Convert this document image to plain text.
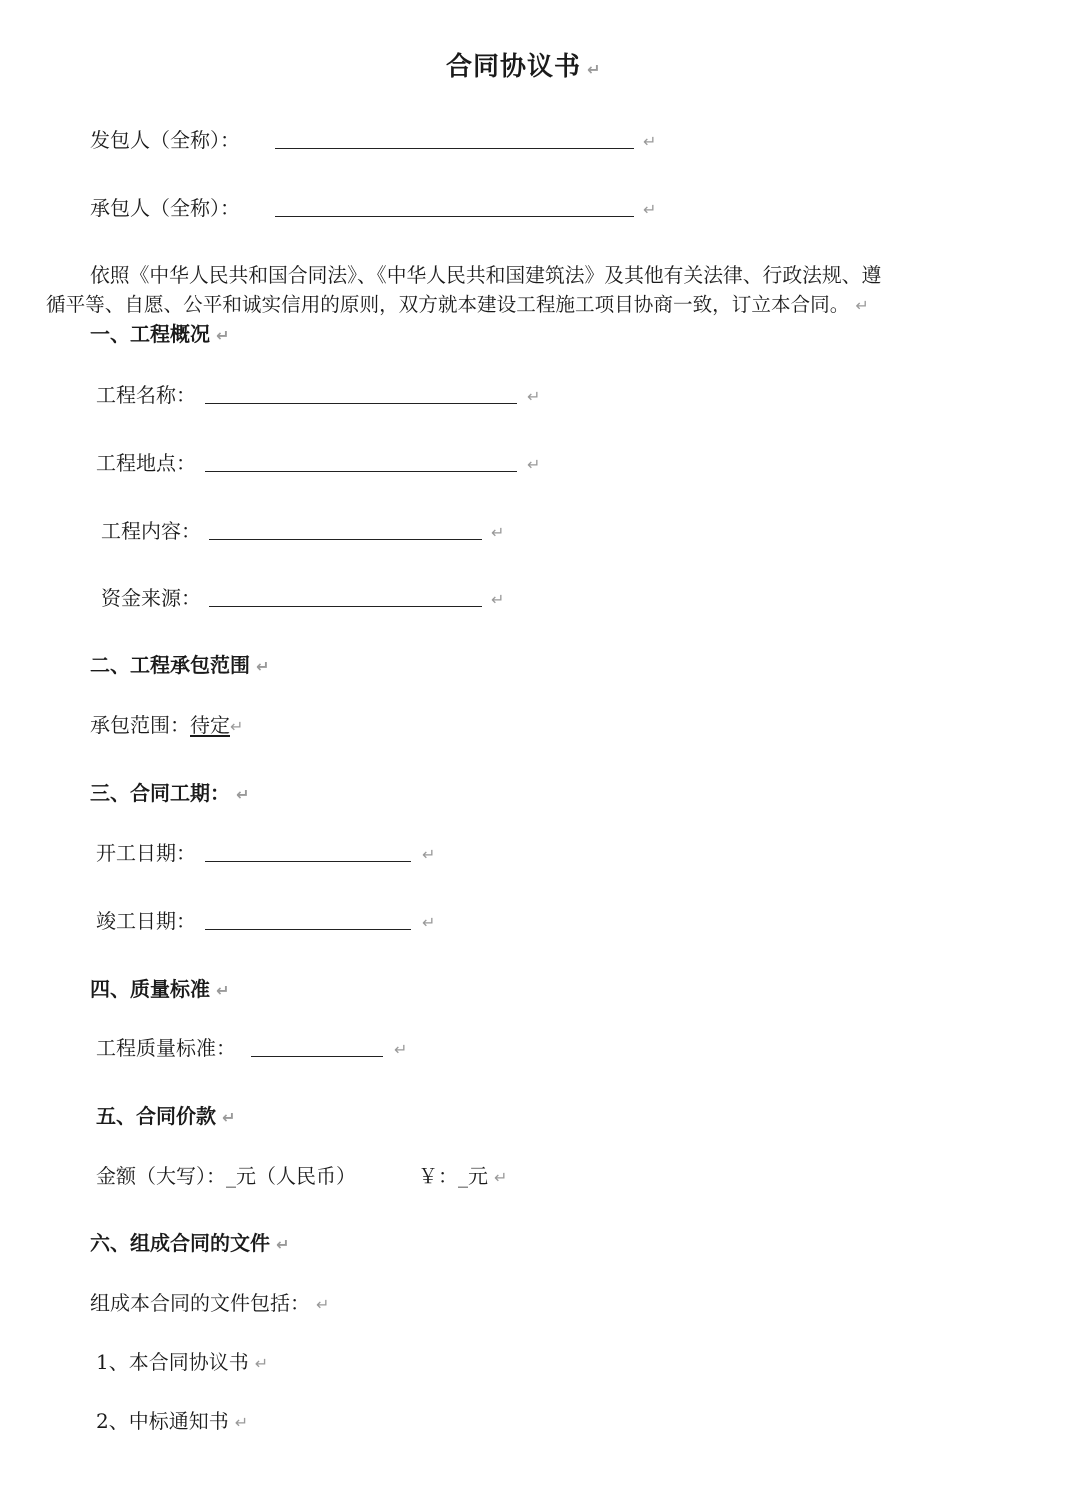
合同协议书 ↵
发包人（全称）：	↵
承包人（全称）：	↵
依照《中华人民共和国合同法》、《中华人民共和国建筑法》及其他有关法律、行政法规、遵
循平等、自愿、公平和诚实信用的原则，双方就本建设工程施工项目协商一致，订立本合同。 ↵
一、工程概况 ↵
工程名称：	↵
工程地点：	↵
工程内容：	↵
资金来源：	↵
二、工程承包范围 ↵
承包范围：待定↵
三、合同工期： ↵
开工日期：	↵
竣工日期：	↵
四、质量标准 ↵
工程质量标准：	↵
五、合同价款 ↵
金额（大写）：_元（人民币）	￥：_元 ↵
六、组成合同的文件 ↵
组成本合同的文件包括： ↵
1、本合同协议书 ↵
2、中标通知书 ↵
